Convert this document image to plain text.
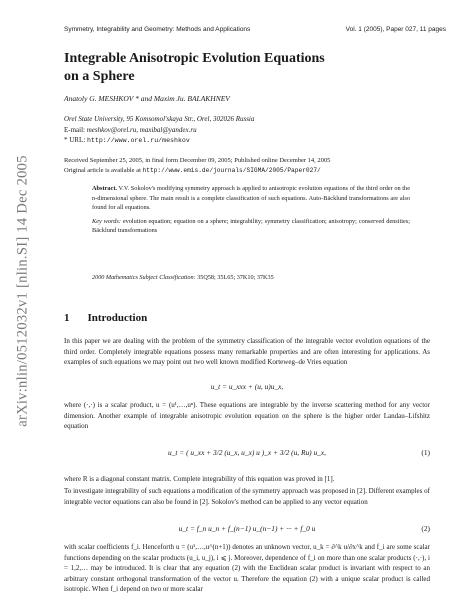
Symmetry, Integrability and Geometry: Methods and Applications	Vol. 1 (2005), Paper 027, 11 pages
arXiv:nlin/0512032v1 [nlin.SI] 14 Dec 2005
Integrable Anisotropic Evolution Equations
on a Sphere
Anatoly G. MESHKOV * and Maxim Ju. BALAKHNEV
Orel State University, 95 Komsomol'skaya Str., Orel, 302026 Russia
E-mail: meshkov@orel.ru, maxibal@yandex.ru
* URL: http://www.orel.ru/meshkov
Received September 25, 2005, in final form December 09, 2005; Published online December 14, 2005
Original article is available at http://www.emis.de/journals/SIGMA/2005/Paper027/

Abstract. V.V. Sokolov's modifying symmetry approach is applied to anisotropic evolution equations of the third order on the n-dimensional sphere. The main result is a complete classification of such equations. Auto-Bäcklund transformations are also found for all equations.

Key words: evolution equation; equation on a sphere; integrability; symmetry classification; anisotropy; conserved densities; Bäcklund transformations

2000 Mathematics Subject Classification: 35Q58; 35L65; 37K10; 37K35
1 Introduction

In this paper we are dealing with the problem of the symmetry classification of the integrable vector evolution equations of the third order. Completely integrable equations possess many remarkable properties and are often interesting for applications. As examples of such equations we may point out two well known modified Korteweg–de Vries equation

u_t = u_xxx + (u, u)u_x,

where (·,·) is a scalar product, u = (u¹,…,uⁿ). These equations are integrable by the inverse scattering method for any vector dimension. Another example of integrable anisotropic evolution equation on the sphere is the higher order Landau–Lifshitz equation

u_t = ( u_xx + 3/2 (u_x, u_x) u )_x + 3/2 (u, Ru) u_x,	(1)

where R is a diagonal constant matrix. Complete integrability of this equation was proved in [1].

To investigate integrability of such equations a modification of the symmetry approach was proposed in [2]. Different examples of integrable vector equations can also be found in [2]. Sokolov's method can be applied to any vector equation

u_t = f_n u_n + f_(n−1) u_(n−1) + ··· + f_0 u	(2)

with scalar coefficients f_i. Henceforth u = (u¹,…,u^(n+1)) denotes an unknown vector, u_k = ∂^k u/∂x^k and f_i are some scalar functions depending on the scalar products (u_i, u_j), i ⩽ j. Moreover, dependence of f_i on more than one scalar products (·,·), i = 1,2,… may be introduced. It is clear that any equation (2) with the Euclidean scalar product is invariant with respect to an arbitrary constant orthogonal transformation of the vector u. Therefore the equation (2) with a unique scalar product is called isotropic. When f_i depend on two or more scalar
